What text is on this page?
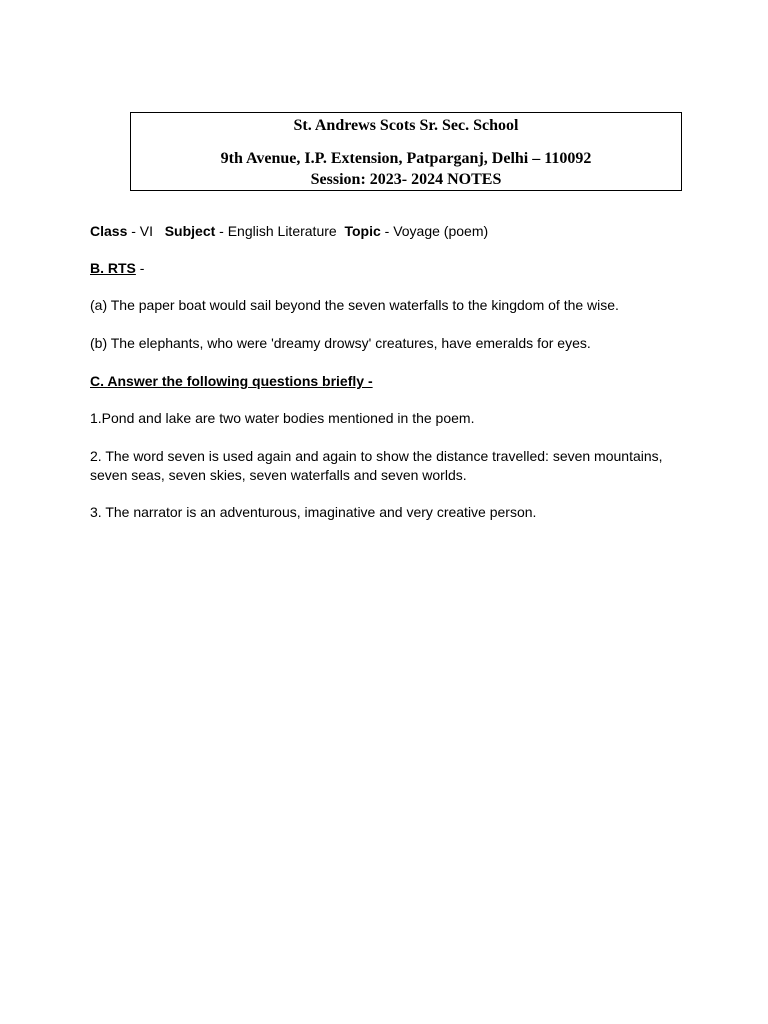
St. Andrews Scots Sr. Sec. School
9th Avenue, I.P. Extension, Patparganj, Delhi – 110092
Session: 2023- 2024 NOTES
Class - VI Subject - English Literature Topic - Voyage (poem)
B. RTS -
(a) The paper boat would sail beyond the seven waterfalls to the kingdom of the wise.
(b) The elephants, who were 'dreamy drowsy' creatures, have emeralds for eyes.
C. Answer the following questions briefly -
1.Pond and lake are two water bodies mentioned in the poem.
2. The word seven is used again and again to show the distance travelled: seven mountains, seven seas, seven skies, seven waterfalls and seven worlds.
3. The narrator is an adventurous, imaginative and very creative person.
